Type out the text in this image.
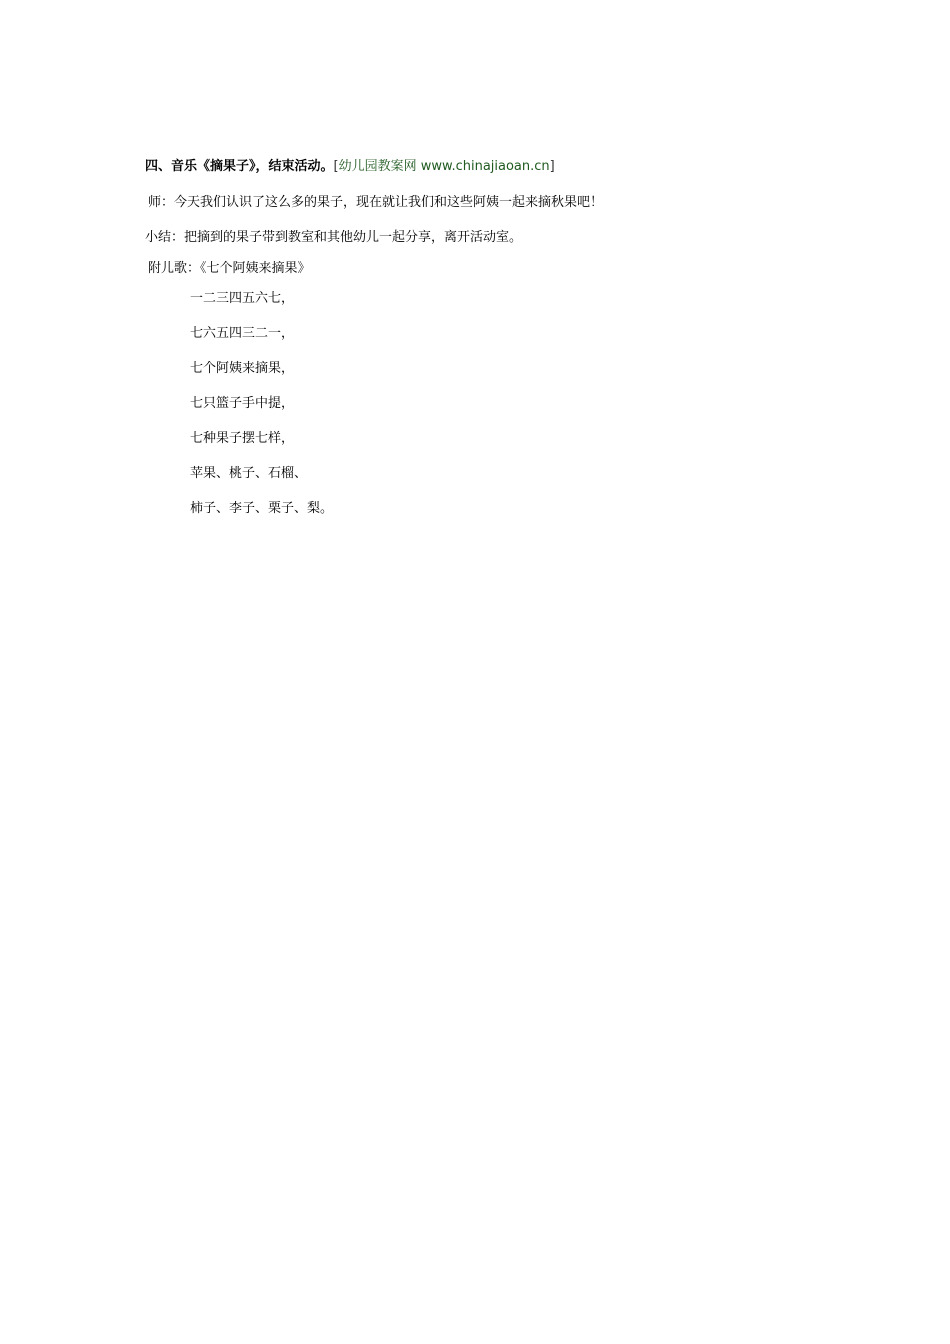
四、音乐《摘果子》，结束活动。[幼儿园教案网 www.chinajiaoan.cn]
师：今天我们认识了这么多的果子，现在就让我们和这些阿姨一起来摘秋果吧！
小结：把摘到的果子带到教室和其他幼儿一起分享，离开活动室。
附儿歌：《七个阿姨来摘果》
一二三四五六七，
七六五四三二一，
七个阿姨来摘果，
七只篮子手中提，
七种果子摆七样，
苹果、桃子、石榴、
柿子、李子、栗子、梨。
